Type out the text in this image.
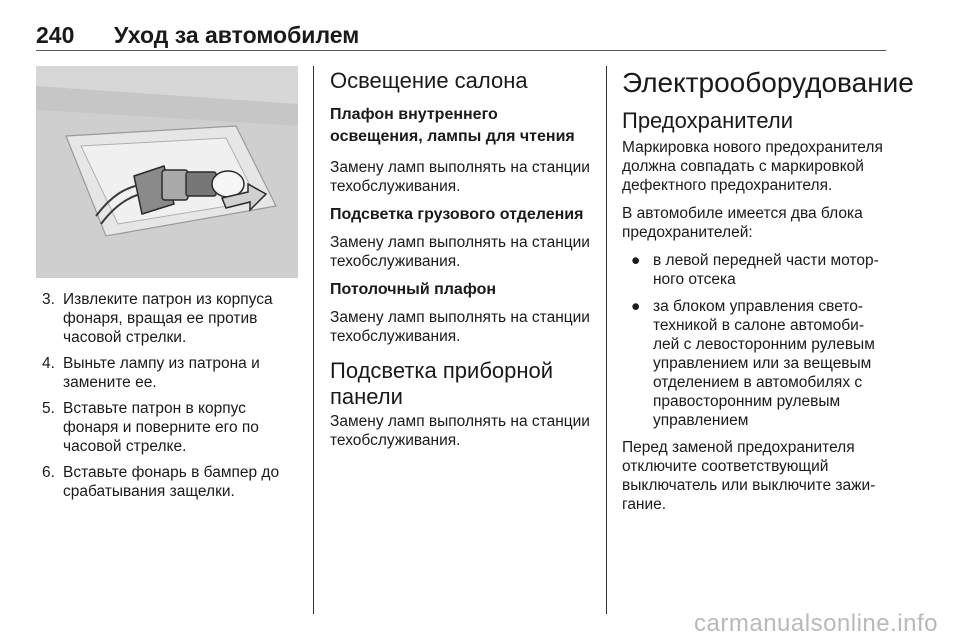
240 Уход за автомобилем
3. Извлеките патрон из корпуса фонаря, вращая ее против часовой стрелки.
4. Выньте лампу из патрона и замените ее.
5. Вставьте патрон в корпус фонаря и поверните его по часовой стрелке.
6. Вставьте фонарь в бампер до срабатывания защелки.
Освещение салона
Плафон внутреннего освещения, лампы для чтения

Замену ламп выполнять на станции техобслуживания.

Подсветка грузового отделения

Замену ламп выполнять на станции техобслуживания.

Потолочный плафон

Замену ламп выполнять на станции техобслуживания.

Подсветка приборной панели

Замену ламп выполнять на станции техобслуживания.

Электрооборудование
Предохранители

Маркировка нового предохранителя должна совпадать с маркировкой дефектного предохранителя.

В автомобиле имеется два блока предохранителей:

● в левой передней части моторного отсека
● за блоком управления светотехникой в салоне автомобилей с левосторонним рулевым управлением или за вещевым отделением в автомобилях с правосторонним рулевым управлением

Перед заменой предохранителя отключите соответствующий выключатель или выключите зажигание.

carmanualsonline.info
